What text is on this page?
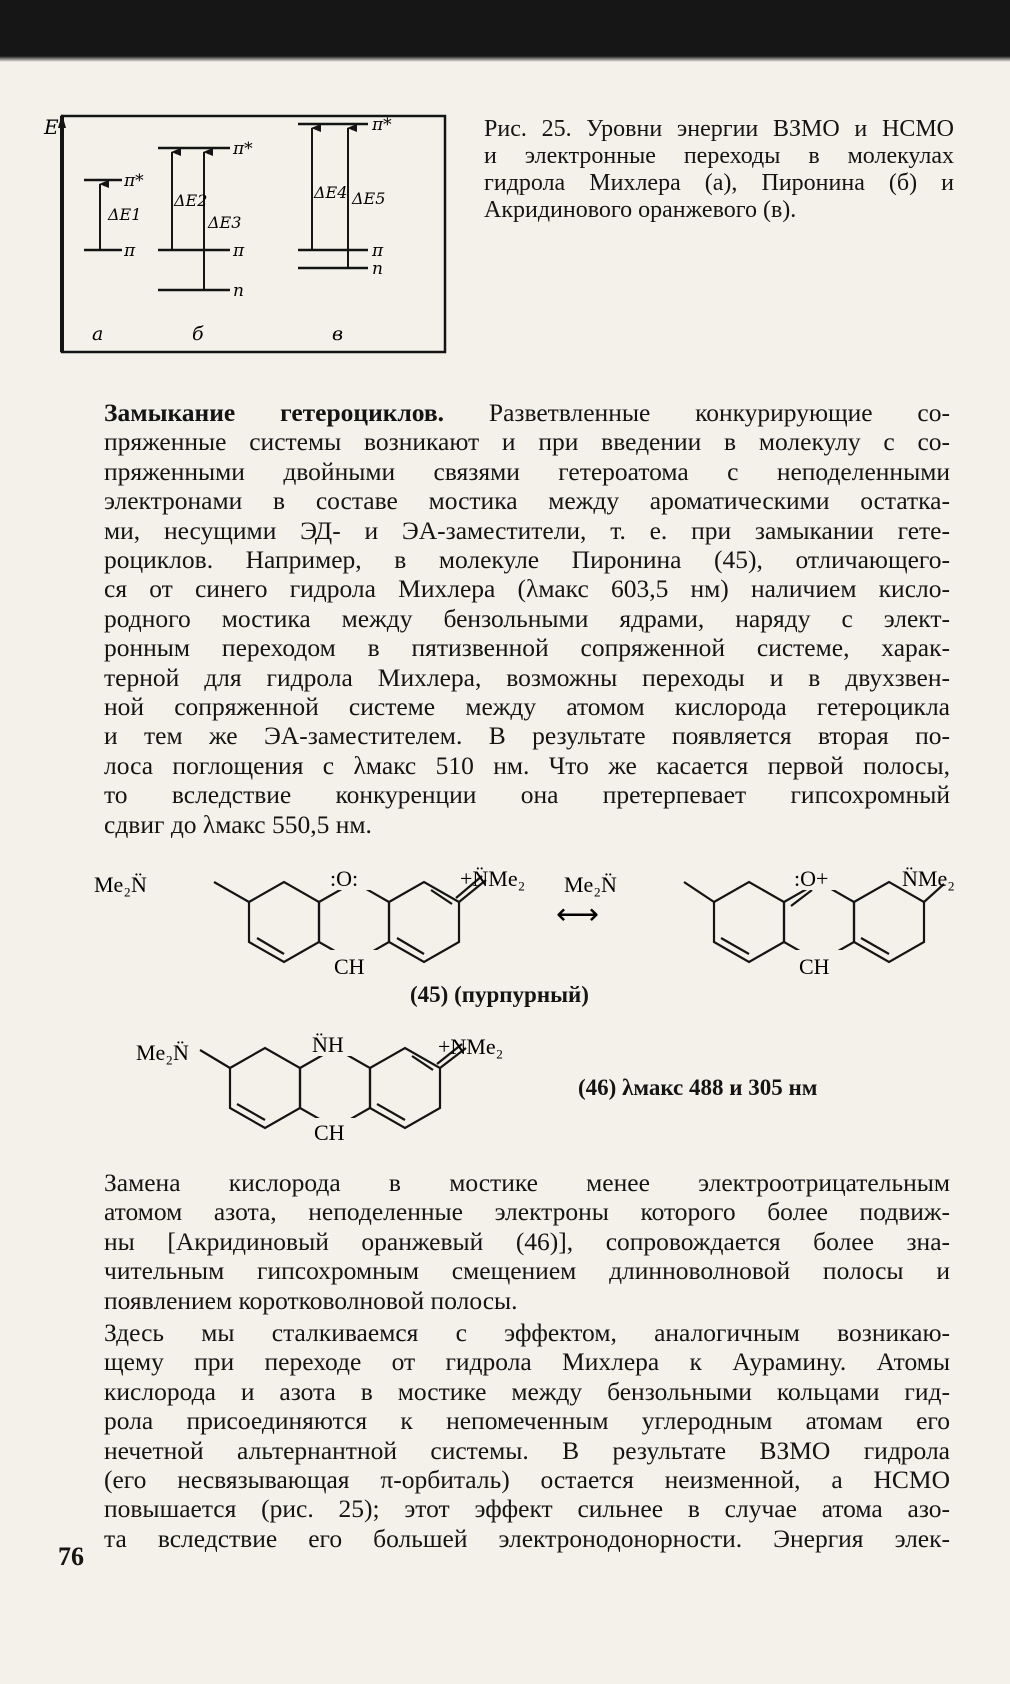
E
π*
π
ΔE1
π*
π
n
ΔE2
ΔE3
π*
π
n
ΔE4 ΔE5
а	б	в
Рис. 25. Уровни энергии ВЗМО и НСМО
и электронные переходы в молекулах
гидрола Михлера (а), Пиронина (б) и
Акридинового оранжевого (в).
Замыкание гетероциклов. Разветвленные конкурирующие со-
пряженные системы возникают и при введении в молекулу с со-
пряженными двойными связями гетероатома с неподеленными
электронами в составе мостика между ароматическими остатка-
ми, несущими ЭД- и ЭА-заместители, т. е. при замыкании гете-
роциклов. Например, в молекуле Пиронина (45), отличающего-
ся от синего гидрола Михлера (λмакс 603,5 нм) наличием кисло-
родного мостика между бензольными ядрами, наряду с элект-
ронным переходом в пятизвенной сопряженной системе, харак-
терной для гидрола Михлера, возможны переходы и в двухзвен-
ной сопряженной системе между атомом кислорода гетероцикла
и тем же ЭА-заместителем. В результате появляется вторая по-
лоса поглощения с λмакс 510 нм. Что же касается первой полосы,
то вследствие конкуренции она претерпевает гипсохромный
сдвиг до λмакс 550,5 нм.
Me₂N̈	:O:	+N̈Me₂
CH
⟷
Me₂N̈	:O+	N̈Me₂
CH
(45) (пурпурный)
Me₂N̈	N̈H	+NMe₂
CH
(46) λмакс 488 и 305 нм
Замена кислорода в мостике менее электроотрицательным
атомом азота, неподеленные электроны которого более подвиж-
ны [Акридиновый оранжевый (46)], сопровождается более зна-
чительным гипсохромным смещением длинноволновой полосы и
появлением коротковолновой полосы.
Здесь мы сталкиваемся с эффектом, аналогичным возникаю-
щему при переходе от гидрола Михлера к Аурамину. Атомы
кислорода и азота в мостике между бензольными кольцами гид-
рола присоединяются к непомеченным углеродным атомам его
нечетной альтернантной системы. В результате ВЗМО гидрола
(его несвязывающая π-орбиталь) остается неизменной, а НСМО
повышается (рис. 25); этот эффект сильнее в случае атома азо-
та вследствие его большей электронодонорности. Энергия элек-
76
